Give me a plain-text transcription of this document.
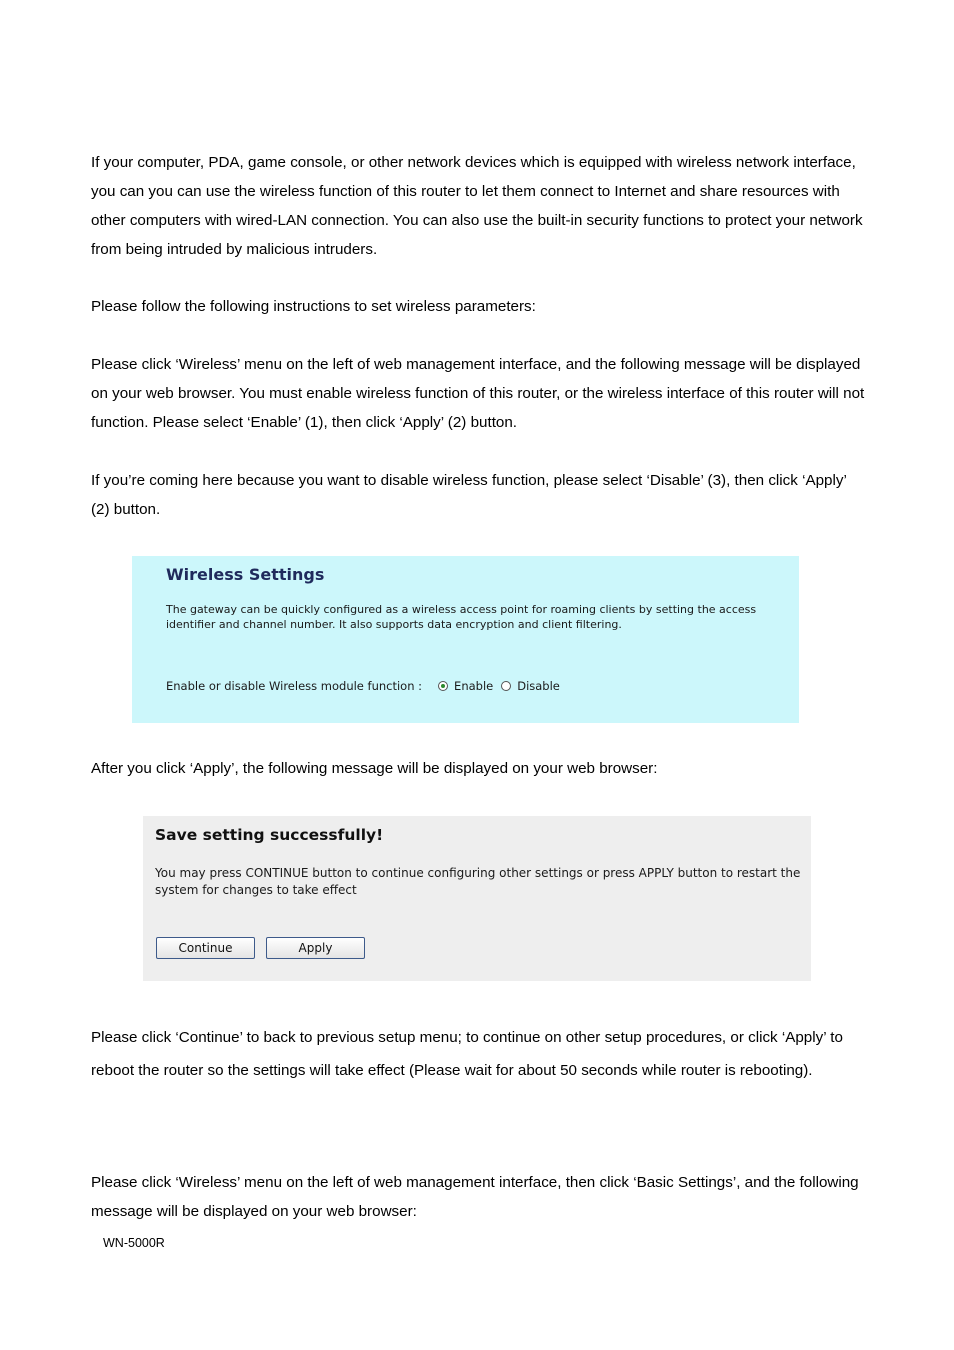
If your computer, PDA, game console, or other network devices which is equipped with wireless network interface, you can you can use the wireless function of this router to let them connect to Internet and share resources with other computers with wired-LAN connection. You can also use the built-in security functions to protect your network from being intruded by malicious intruders.

Please follow the following instructions to set wireless parameters:

Please click ‘Wireless’ menu on the left of web management interface, and the following message will be displayed on your web browser. You must enable wireless function of this router, or the wireless interface of this router will not function. Please select ‘Enable’ (1), then click ‘Apply’ (2) button.

If you’re coming here because you want to disable wireless function, please select ‘Disable’ (3), then click ‘Apply’ (2) button.

Wireless Settings
The gateway can be quickly configured as a wireless access point for roaming clients by setting the access identifier and channel number. It also supports data encryption and client filtering.
Enable or disable Wireless module function :	Enable Disable

After you click ‘Apply’, the following message will be displayed on your web browser:

Save setting successfully!
You may press CONTINUE button to continue configuring other settings or press APPLY button to restart the system for changes to take effect
Continue	Apply

Please click ‘Continue’ to back to previous setup menu; to continue on other setup procedures, or click ‘Apply’ to reboot the router so the settings will take effect (Please wait for about 50 seconds while router is rebooting).

Please click ‘Wireless’ menu on the left of web management interface, then click ‘Basic Settings’, and the following message will be displayed on your web browser:

WN-5000R
